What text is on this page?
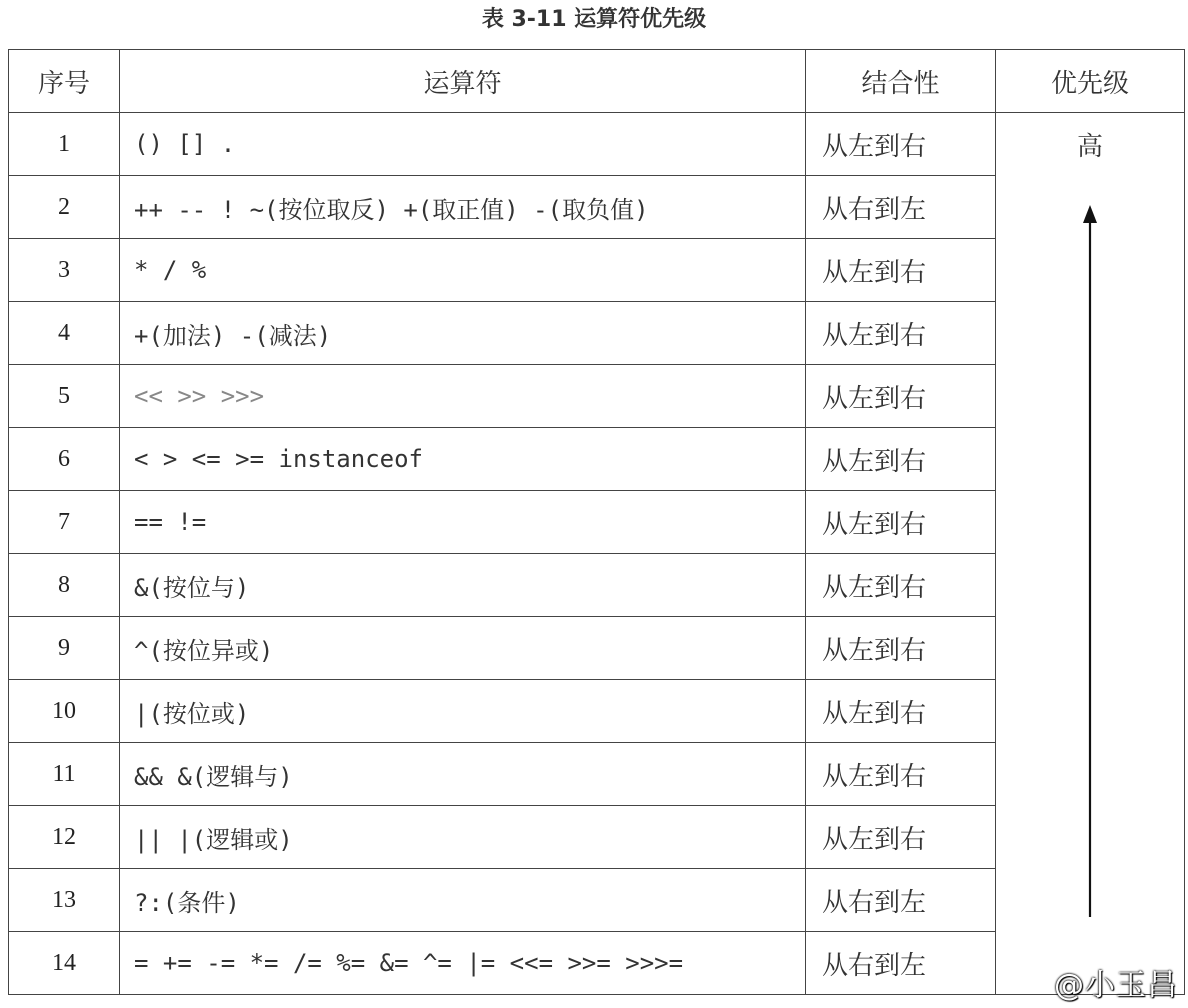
表 3-11 运算符优先级
序号	运算符	结合性	优先级
1	() [] .	从左到右	高
2	++ -- ! ~(按位取反) +(取正值) -(取负值)	从右到左	
3	* / %	从左到右	
4	+(加法) -(减法)	从左到右	
5	<< >> >>>	从左到右	
6	< > <= >= instanceof	从左到右	
7	== !=	从左到右	
8	&(按位与)	从左到右	
9	^(按位异或)	从左到右	
10	|(按位或)	从左到右	
11	&& &(逻辑与)	从左到右	
12	|| |(逻辑或)	从左到右	
13	?:(条件)	从右到左	
14	= += -= *= /= %= &= ^= |= <<= >>= >>>=	从右到左	
@小玉昌
